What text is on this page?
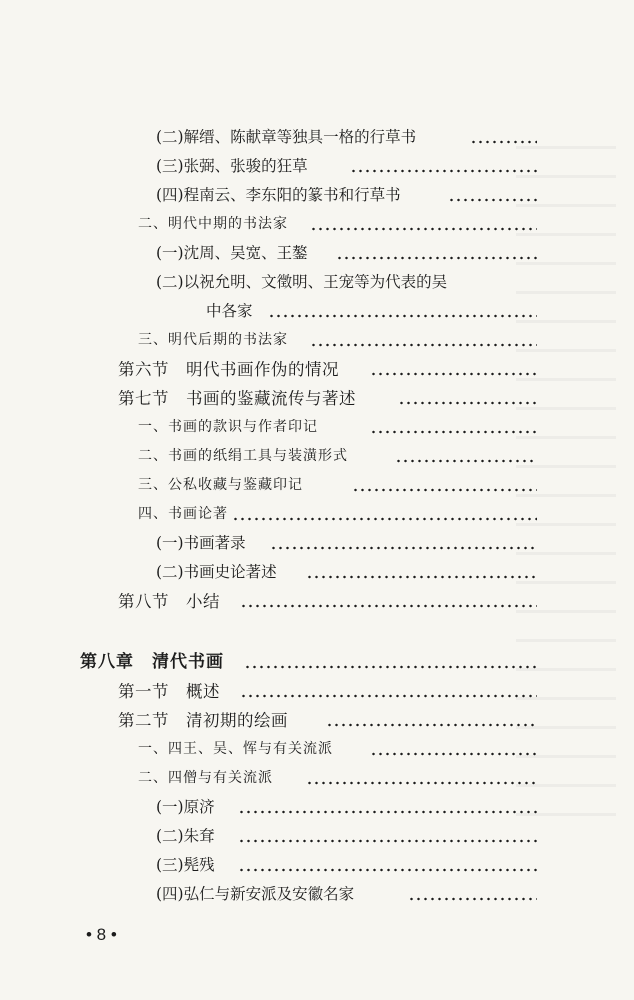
(二)解缙、陈献章等独具一格的行草书
(三)张弼、张骏的狂草
(四)程南云、李东阳的篆书和行草书
二、明代中期的书法家
(一)沈周、吴宽、王鏊
(二)以祝允明、文徵明、王宠等为代表的吴
中各家
三、明代后期的书法家
第六节　明代书画作伪的情况
第七节　书画的鉴藏流传与著述
一、书画的款识与作者印记
二、书画的纸绢工具与装潢形式
三、公私收藏与鉴藏印记
四、书画论著
(一)书画著录
(二)书画史论著述
第八节　小结
第八章　清代书画
第一节　概述
第二节　清初期的绘画
一、四王、吴、恽与有关流派
二、四僧与有关流派
(一)原济
(二)朱耷
(三)髡残
(四)弘仁与新安派及安徽名家
• 8 •
